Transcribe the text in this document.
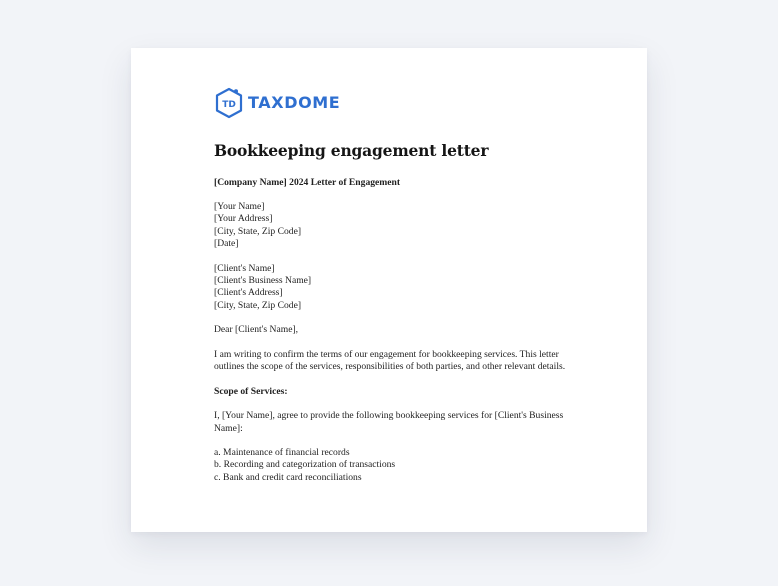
TD TAXDOME
Bookkeeping engagement letter
[Company Name] 2024 Letter of Engagement
[Your Name]
[Your Address]
[City, State, Zip Code]
[Date]
[Client's Name]
[Client's Business Name]
[Client's Address]
[City, State, Zip Code]
Dear [Client's Name],
I am writing to confirm the terms of our engagement for bookkeeping services. This letter outlines the scope of the services, responsibilities of both parties, and other relevant details.
Scope of Services:
I, [Your Name], agree to provide the following bookkeeping services for [Client's Business Name]:
a. Maintenance of financial records
b. Recording and categorization of transactions
c. Bank and credit card reconciliations
